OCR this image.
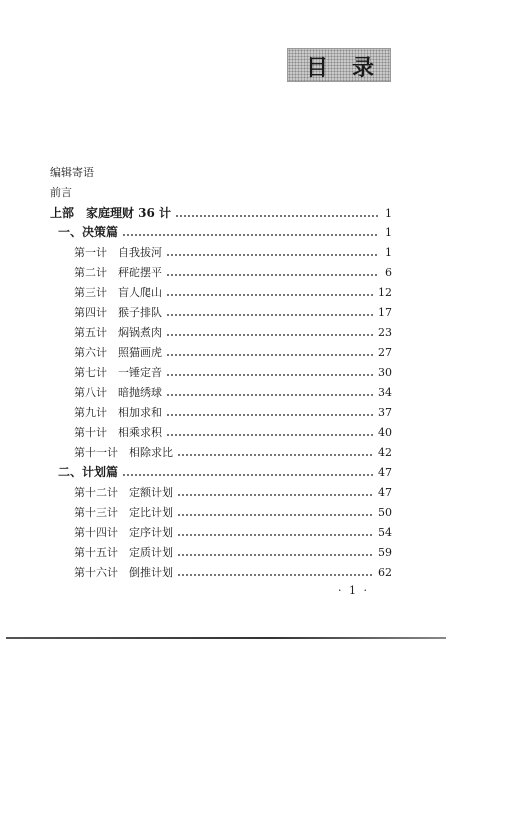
目 录
编辑寄语
前言
上部　家庭理财 36 计	1
一、决策篇	1
第一计　自我拔河	1
第二计　秤砣摆平	6
第三计　盲人爬山	12
第四计　猴子排队	17
第五计　焖锅煮肉	23
第六计　照猫画虎	27
第七计　一锤定音	30
第八计　暗抛绣球	34
第九计　相加求和	37
第十计　相乘求积	40
第十一计　相除求比	42
二、计划篇	47
第十二计　定额计划	47
第十三计　定比计划	50
第十四计　定序计划	54
第十五计　定质计划	59
第十六计　倒推计划	62
· 1 ·
